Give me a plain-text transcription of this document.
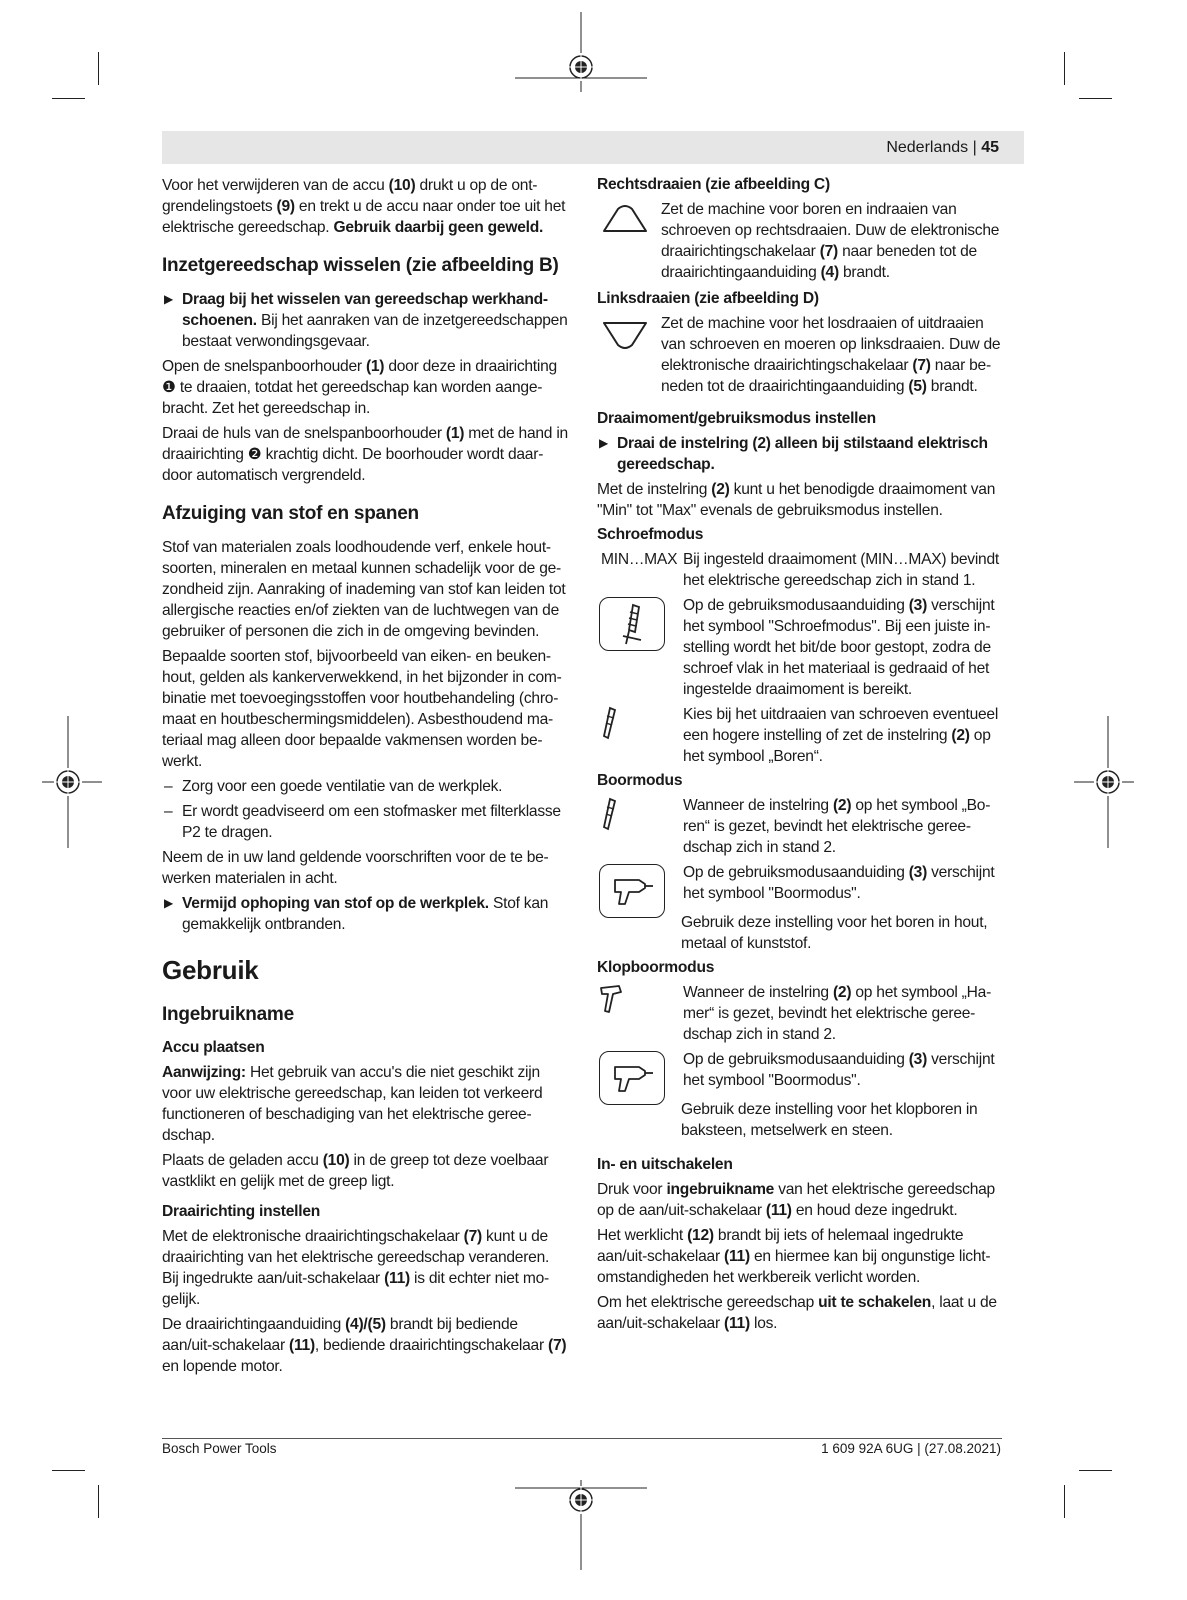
Nederlands | 45

Voor het verwijderen van de accu (10) drukt u op de ontgrendelingstoets (9) en trekt u de accu naar onder toe uit het elektrische gereedschap. Gebruik daarbij geen geweld.

Inzetgereedschap wisselen (zie afbeelding B)
▶ Draag bij het wisselen van gereedschap werkhandschoenen. Bij het aanraken van de inzetgereedschappen bestaat verwondingsgevaar.

Open de snelspanboorhouder (1) door deze in draairichting ❶ te draaien, totdat het gereedschap kan worden aangebracht. Zet het gereedschap in.

Draai de huls van de snelspanboorhouder (1) met de hand in draairichting ❷ krachtig dicht. De boorhouder wordt daardoor automatisch vergrendeld.

Afzuiging van stof en spanen

Stof van materialen zoals loodhoudende verf, enkele houtsoorten, mineralen en metaal kunnen schadelijk voor de gezondheid zijn. Aanraking of inademing van stof kan leiden tot allergische reacties en/of ziekten van de luchtwegen van de gebruiker of personen die zich in de omgeving bevinden.

Bepaalde soorten stof, bijvoorbeeld van eiken- en beukenhout, gelden als kankerverwekkend, in het bijzonder in combinatie met toevoegingsstoffen voor houtbehandeling (chromaat en houtbeschermingsmiddelen). Asbesthoudend materiaal mag alleen door bepaalde vakmensen worden bewerkt.

– Zorg voor een goede ventilatie van de werkplek.
– Er wordt geadviseerd om een stofmasker met filterklasse P2 te dragen.

Neem de in uw land geldende voorschriften voor de te bewerken materialen in acht.

▶ Vermijd ophoping van stof op de werkplek. Stof kan gemakkelijk ontbranden.
Gebruik
Ingebruikname
Accu plaatsen

Aanwijzing: Het gebruik van accu's die niet geschikt zijn voor uw elektrische gereedschap, kan leiden tot verkeerd functioneren of beschadiging van het elektrische gereedschap.

Plaats de geladen accu (10) in de greep tot deze voelbaar vastklikt en gelijk met de greep ligt.

Draairichting instellen

Met de elektronische draairichtingschakelaar (7) kunt u de draairichting van het elektrische gereedschap veranderen. Bij ingedrukte aan/uit-schakelaar (11) is dit echter niet mogelijk.

De draairichtingaanduiding (4)/(5) brandt bij bediende aan/uit-schakelaar (11), bediende draairichtingschakelaar (7) en lopende motor.

Rechtsdraaien (zie afbeelding C)
Zet de machine voor boren en indraaien van schroeven op rechtsdraaien. Duw de elektronische draairichtingschakelaar (7) naar beneden tot de draairichtingaanduiding (4) brandt.
Linksdraaien (zie afbeelding D)
Zet de machine voor het losdraaien of uitdraaien van schroeven en moeren op linksdraaien. Duw de elektronische draairichtingschakelaar (7) naar beneden tot de draairichtingaanduiding (5) brandt.
Draaimoment/gebruiksmodus instellen
▶ Draai de instelring (2) alleen bij stilstaand elektrisch gereedschap.

Met de instelring (2) kunt u het benodigde draaimoment van "Min" tot "Max" evenals de gebruiksmodus instellen.

Schroefmodus
MIN…MAX Bij ingesteld draaimoment (MIN…MAX) bevindt het elektrische gereedschap zich in stand 1.
Op de gebruiksmodusaanduiding (3) verschijnt het symbool "Schroefmodus". Bij een juiste instelling wordt het bit/de boor gestopt, zodra de schroef vlak in het materiaal is gedraaid of het ingestelde draaimoment is bereikt.
Kies bij het uitdraaien van schroeven eventueel een hogere instelling of zet de instelring (2) op het symbool „Boren“.
Boormodus
Wanneer de instelring (2) op het symbool „Boren“ is gezet, bevindt het elektrische gereedschap zich in stand 2.
Op de gebruiksmodusaanduiding (3) verschijnt het symbool "Boormodus".

Gebruik deze instelling voor het boren in hout, metaal of kunststof.

Klopboormodus
Wanneer de instelring (2) op het symbool „Hamer“ is gezet, bevindt het elektrische gereedschap zich in stand 2.
Op de gebruiksmodusaanduiding (3) verschijnt het symbool "Boormodus".

Gebruik deze instelling voor het klopboren in baksteen, metselwerk en steen.

In- en uitschakelen

Druk voor ingebruikname van het elektrische gereedschap op de aan/uit-schakelaar (11) en houd deze ingedrukt.

Het werklicht (12) brandt bij iets of helemaal ingedrukte aan/uit-schakelaar (11) en hiermee kan bij ongunstige lichtomstandigheden het werkbereik verlicht worden.

Om het elektrische gereedschap uit te schakelen, laat u de aan/uit-schakelaar (11) los.

Bosch Power Tools	1 609 92A 6UG | (27.08.2021)
